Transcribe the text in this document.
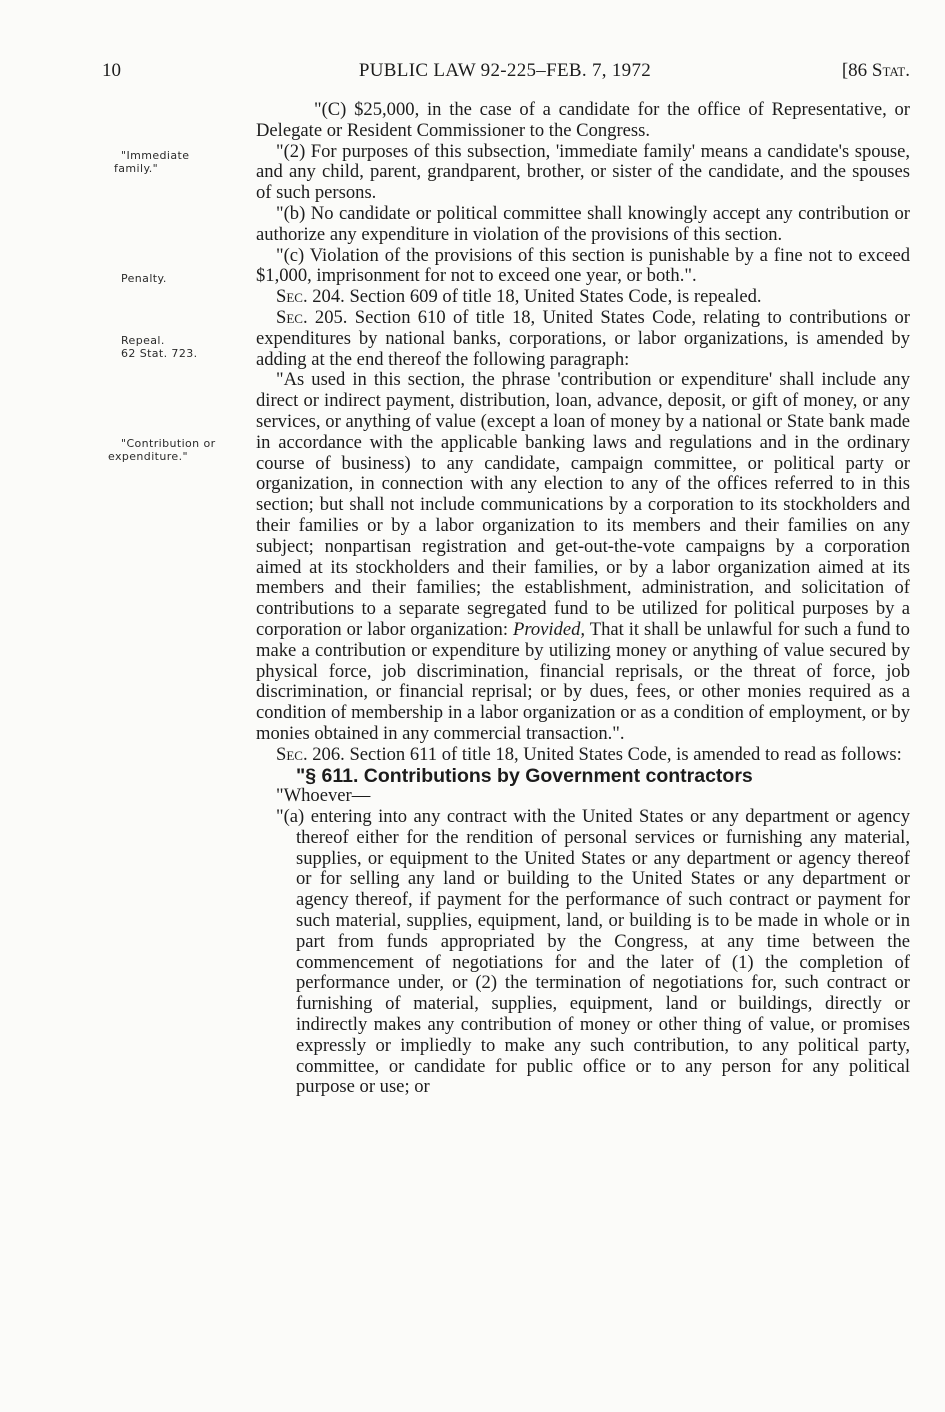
10	PUBLIC LAW 92-225–FEB. 7, 1972	[86 Stat.
"Immediate
family."
Penalty.
Repeal.
62 Stat. 723.
"Contribution or
expenditure."

"(C) $25,000, in the case of a candidate for the office of Representative, or Delegate or Resident Commissioner to the Congress.

"(2) For purposes of this subsection, 'immediate family' means a candidate's spouse, and any child, parent, grandparent, brother, or sister of the candidate, and the spouses of such persons.

"(b) No candidate or political committee shall knowingly accept any contribution or authorize any expenditure in violation of the provisions of this section.

"(c) Violation of the provisions of this section is punishable by a fine not to exceed $1,000, imprisonment for not to exceed one year, or both.".

Sec. 204. Section 609 of title 18, United States Code, is repealed.

Sec. 205. Section 610 of title 18, United States Code, relating to contributions or expenditures by national banks, corporations, or labor organizations, is amended by adding at the end thereof the following paragraph:

"As used in this section, the phrase 'contribution or expenditure' shall include any direct or indirect payment, distribution, loan, advance, deposit, or gift of money, or any services, or anything of value (except a loan of money by a national or State bank made in accordance with the applicable banking laws and regulations and in the ordinary course of business) to any candidate, campaign committee, or political party or organization, in connection with any election to any of the offices referred to in this section; but shall not include communications by a corporation to its stockholders and their families or by a labor organization to its members and their families on any subject; nonpartisan registration and get-out-the-vote campaigns by a corporation aimed at its stockholders and their families, or by a labor organization aimed at its members and their families; the establishment, administration, and solicitation of contributions to a separate segregated fund to be utilized for political purposes by a corporation or labor organization: Provided, That it shall be unlawful for such a fund to make a contribution or expenditure by utilizing money or anything of value secured by physical force, job discrimination, financial reprisals, or the threat of force, job discrimination, or financial reprisal; or by dues, fees, or other monies required as a condition of membership in a labor organization or as a condition of employment, or by monies obtained in any commercial transaction.".

Sec. 206. Section 611 of title 18, United States Code, is amended to read as follows:

"§ 611. Contributions by Government contractors

"Whoever—

"(a) entering into any contract with the United States or any department or agency thereof either for the rendition of personal services or furnishing any material, supplies, or equipment to the United States or any department or agency thereof or for selling any land or building to the United States or any department or agency thereof, if payment for the performance of such contract or payment for such material, supplies, equipment, land, or building is to be made in whole or in part from funds appropriated by the Congress, at any time between the commencement of negotiations for and the later of (1) the completion of performance under, or (2) the termination of negotiations for, such contract or furnishing of material, supplies, equipment, land or buildings, directly or indirectly makes any contribution of money or other thing of value, or promises expressly or impliedly to make any such contribution, to any political party, committee, or candidate for public office or to any person for any political purpose or use; or
